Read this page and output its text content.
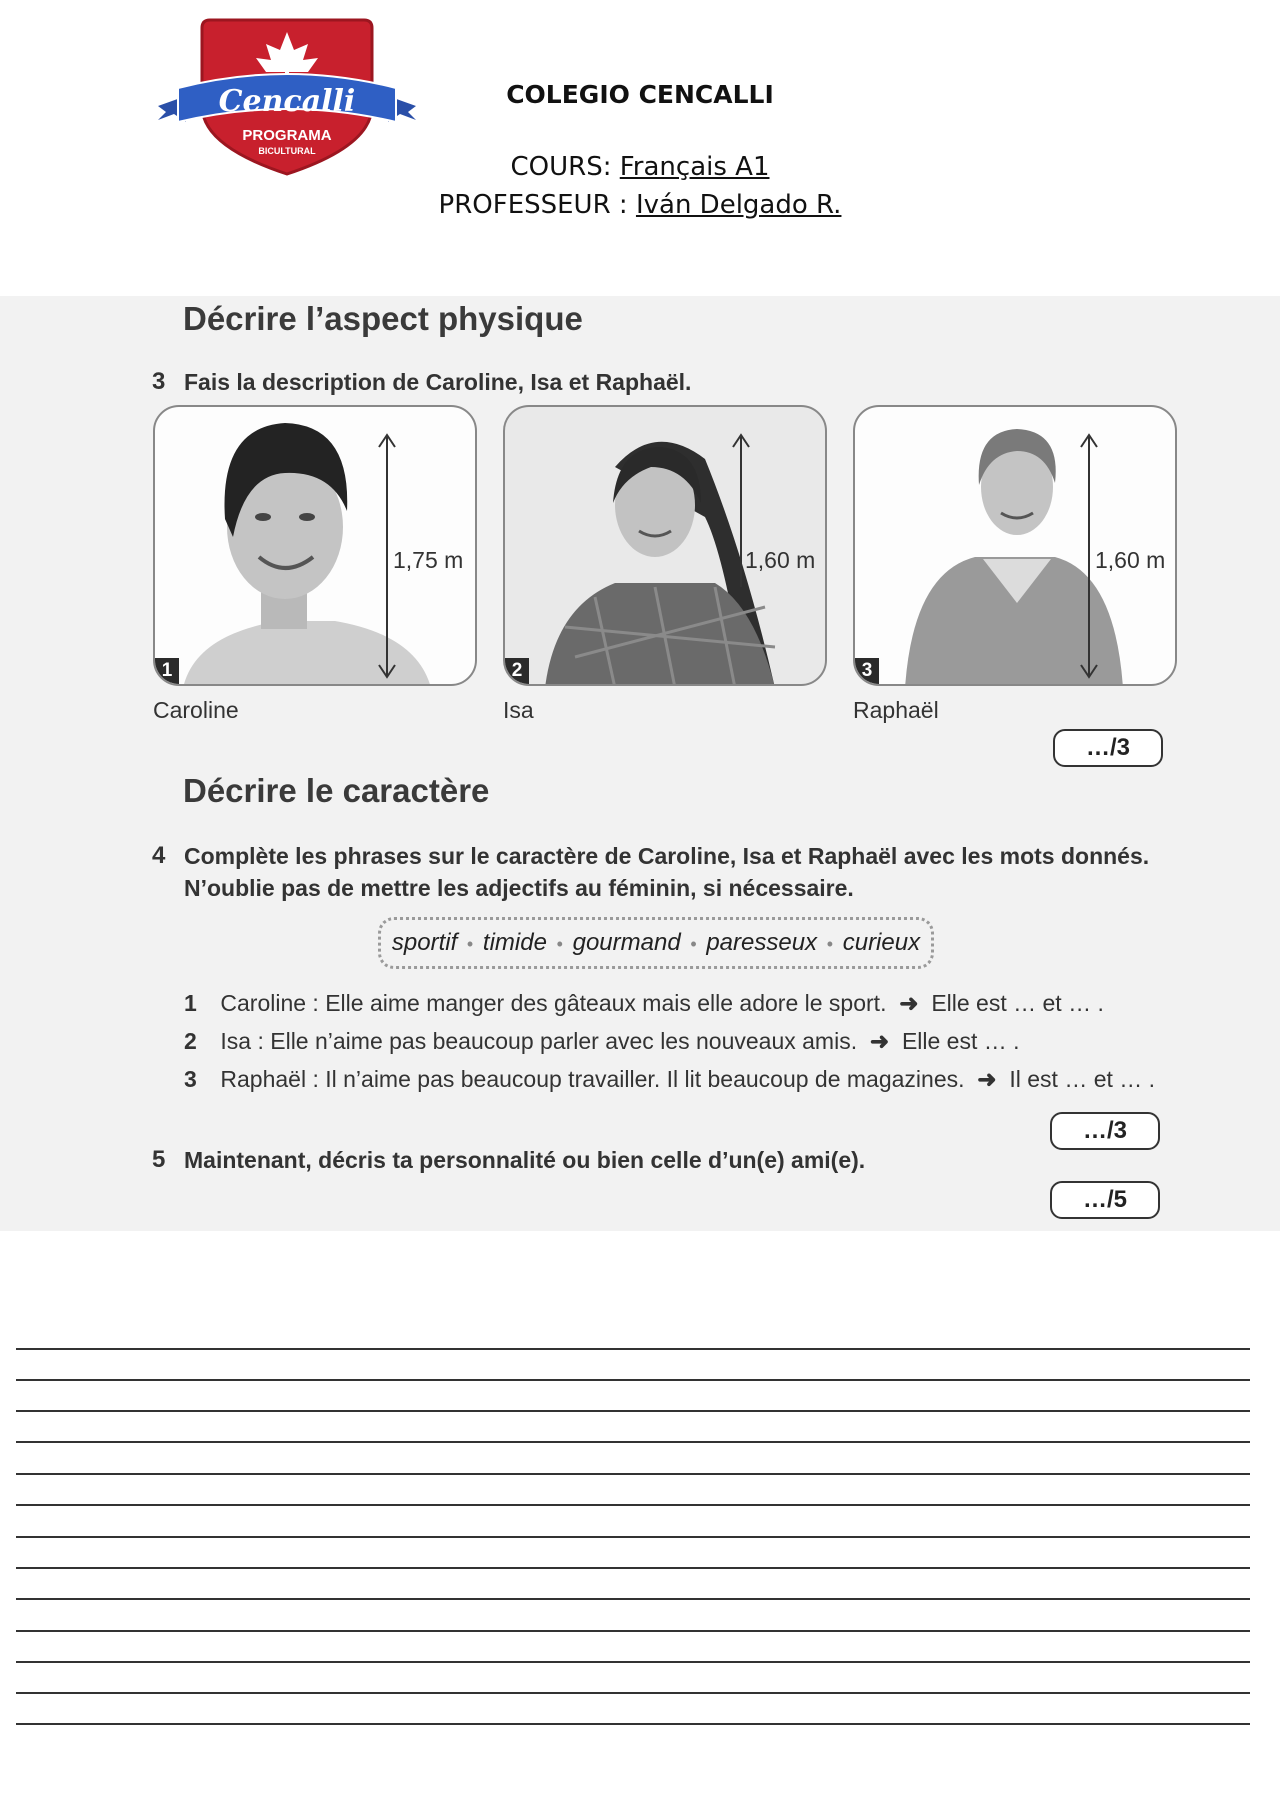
Cencalli
PROGRAMA
BICULTURAL
COLEGIO CENCALLI
COURS: Français A1
PROFESSEUR : Iván Delgado R.
Décrire l’aspect physique
3 Fais la description de Caroline, Isa et Raphaël.
1,75 m
1
Caroline
1,60 m
2
Isa
1,60 m
3
Raphaël
…/3
Décrire le caractère
4 Complète les phrases sur le caractère de Caroline, Isa et Raphaël avec les mots donnés.
N’oublie pas de mettre les adjectifs au féminin, si nécessaire.
sportif • timide • gourmand • paresseux • curieux
1 Caroline : Elle aime manger des gâteaux mais elle adore le sport. ➜ Elle est … et … .
2 Isa : Elle n’aime pas beaucoup parler avec les nouveaux amis. ➜ Elle est … .
3 Raphaël : Il n’aime pas beaucoup travailler. Il lit beaucoup de magazines. ➜ Il est … et … .
…/3
5 Maintenant, décris ta personnalité ou bien celle d’un(e) ami(e).
…/5
